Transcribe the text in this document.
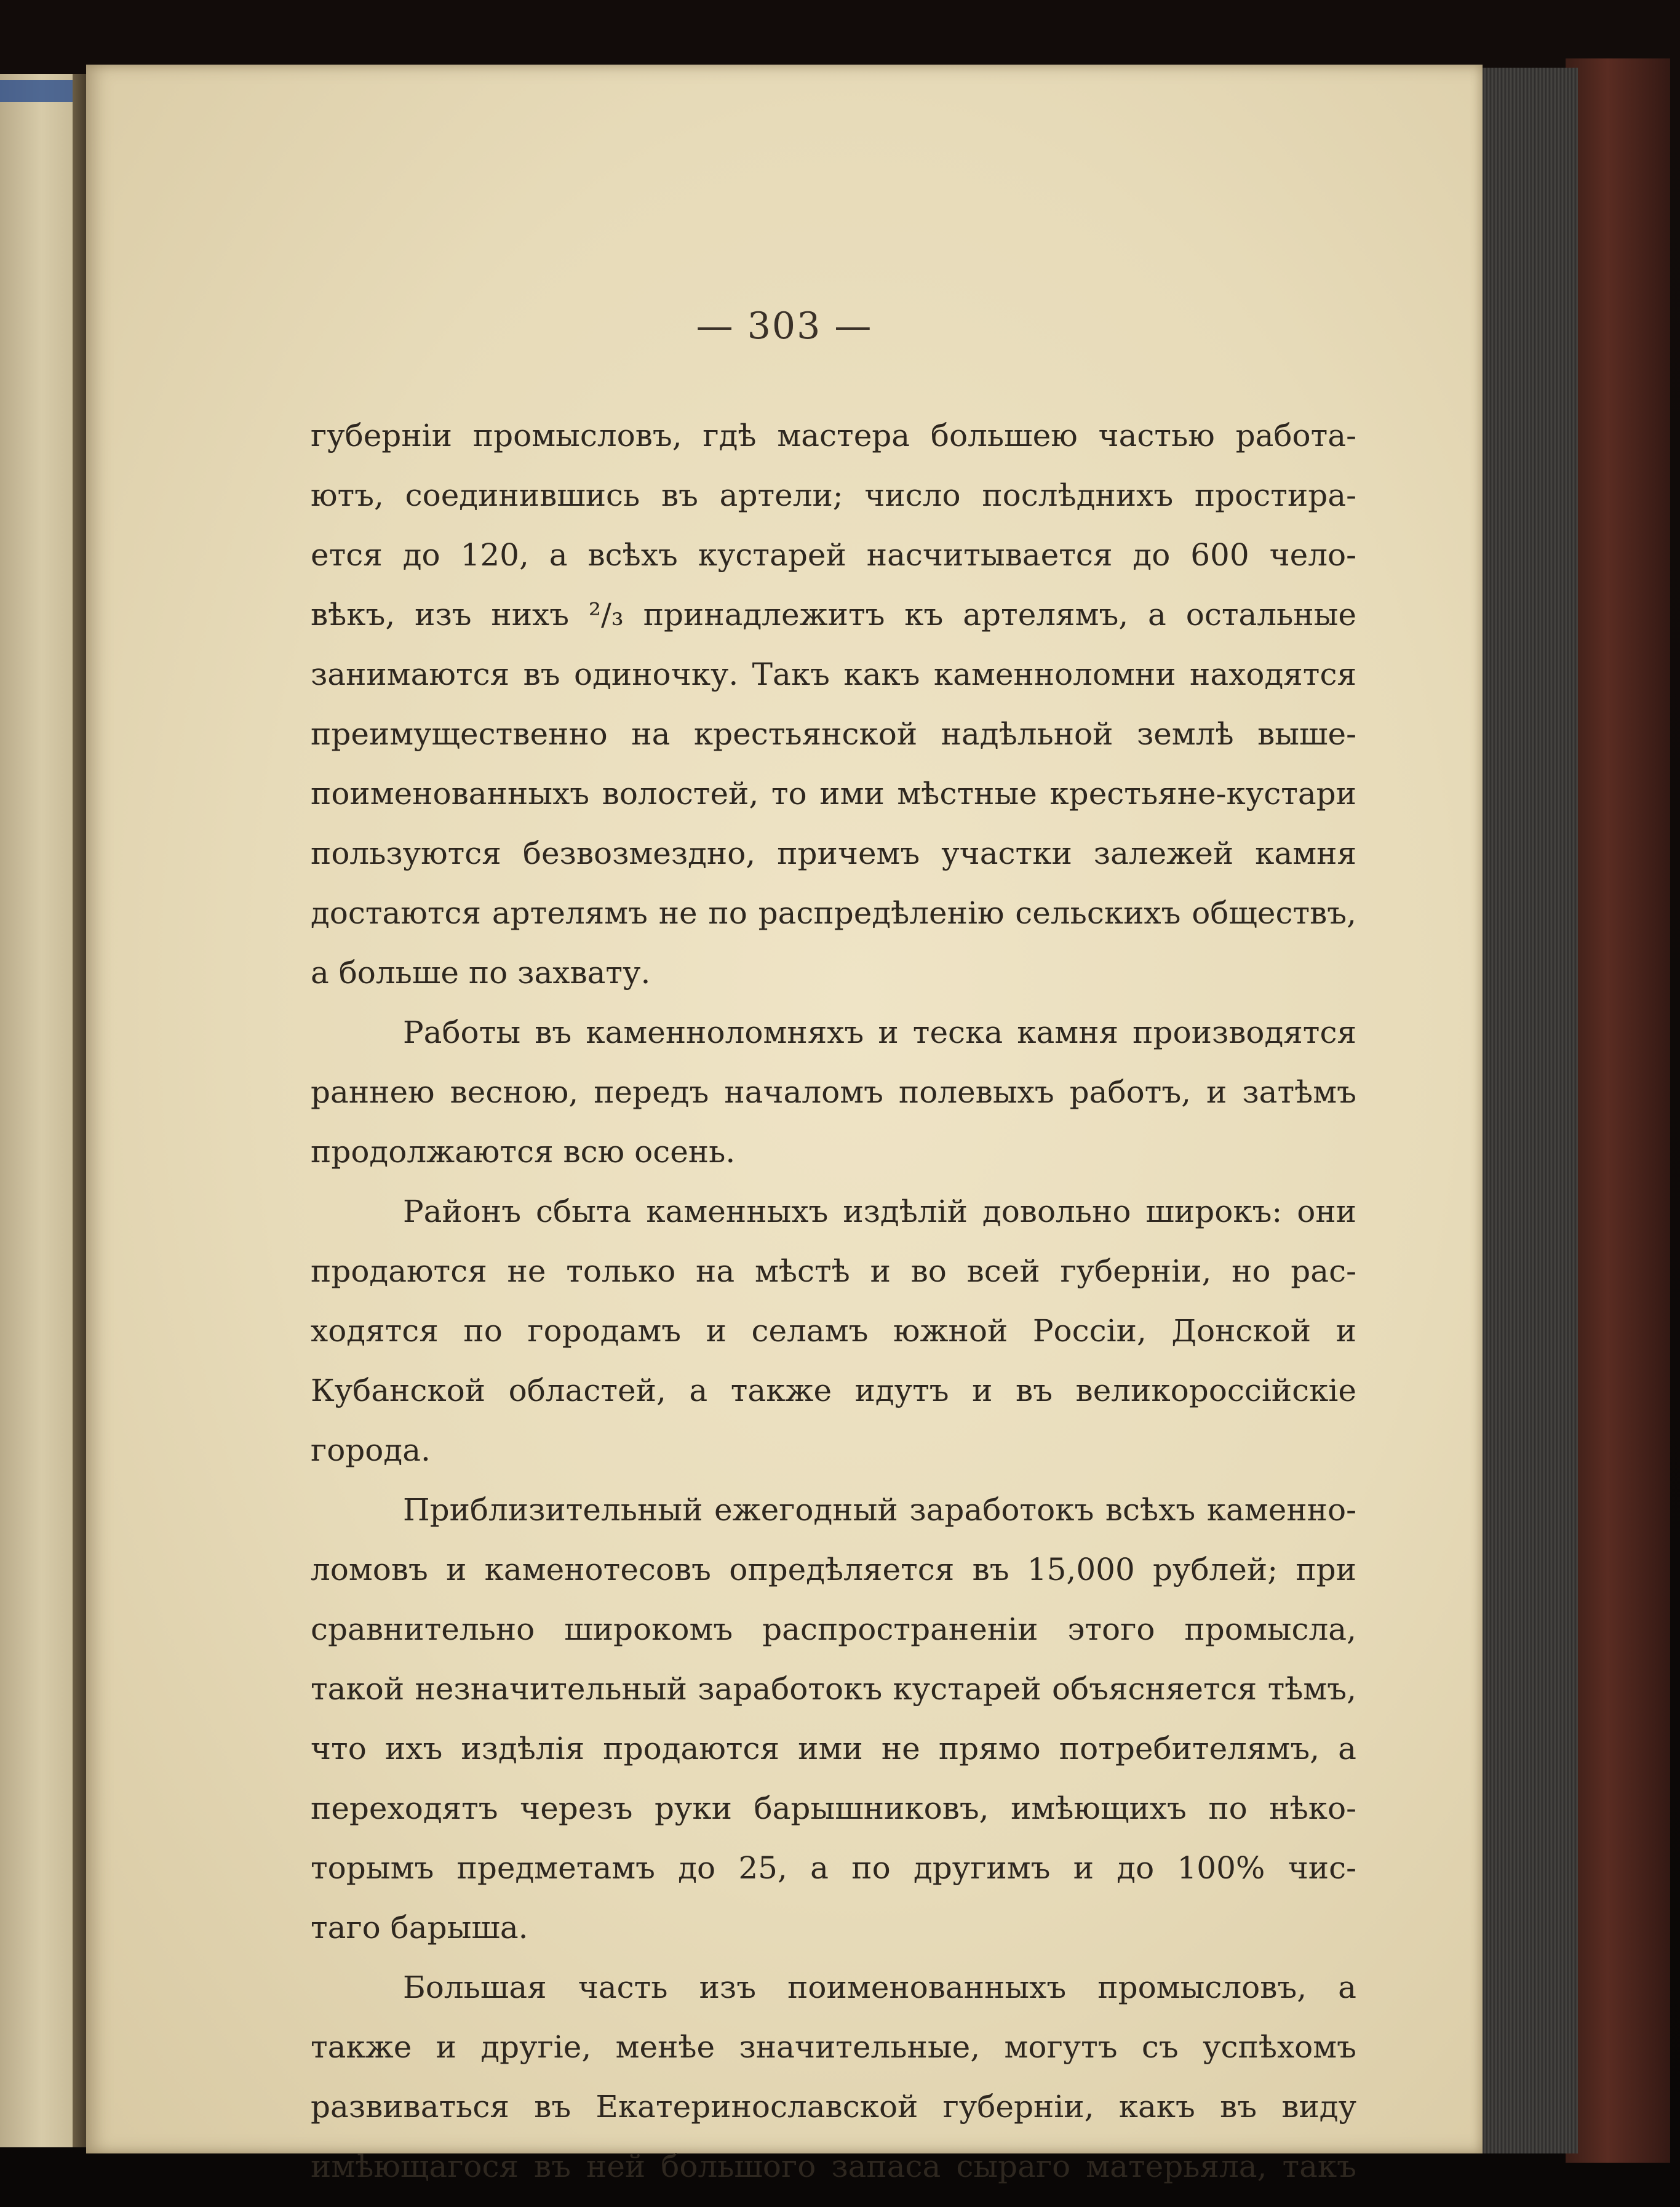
— 303 —
губерніи промысловъ, гдѣ мастера большею частью работа-
ютъ, соединившись въ артели; число послѣднихъ простира-
ется до 120, а всѣхъ кустарей насчитывается до 600 чело-
вѣкъ, изъ нихъ ²/₃ принадлежитъ къ артелямъ, а остальные
занимаются въ одиночку. Такъ какъ каменноломни находятся
преимущественно на крестьянской надѣльной землѣ выше-
поименованныхъ волостей, то ими мѣстные крестьяне-кустари
пользуются безвозмездно, причемъ участки залежей камня
достаются артелямъ не по распредѣленію сельскихъ обществъ,
а больше по захвату.
Работы въ каменноломняхъ и теска камня производятся
раннею весною, передъ началомъ полевыхъ работъ, и затѣмъ
продолжаются всю осень.
Районъ сбыта каменныхъ издѣлій довольно широкъ: они
продаются не только на мѣстѣ и во всей губерніи, но рас-
ходятся по городамъ и селамъ южной Россіи, Донской и
Кубанской областей, а также идутъ и въ великороссійскіе
города.
Приблизительный ежегодный заработокъ всѣхъ каменно-
ломовъ и каменотесовъ опредѣляется въ 15,000 рублей; при
сравнительно широкомъ распространеніи этого промысла,
такой незначительный заработокъ кустарей объясняется тѣмъ,
что ихъ издѣлія продаются ими не прямо потребителямъ, а
переходятъ черезъ руки барышниковъ, имѣющихъ по нѣко-
торымъ предметамъ до 25, а по другимъ и до 100% чис-
таго барыша.
Большая часть изъ поименованныхъ промысловъ, а
также и другіе, менѣе значительные, могутъ съ успѣхомъ
развиваться въ Екатеринославской губерніи, какъ въ виду
имѣющагося въ ней большого запаса сырaго матерьяла, такъ
